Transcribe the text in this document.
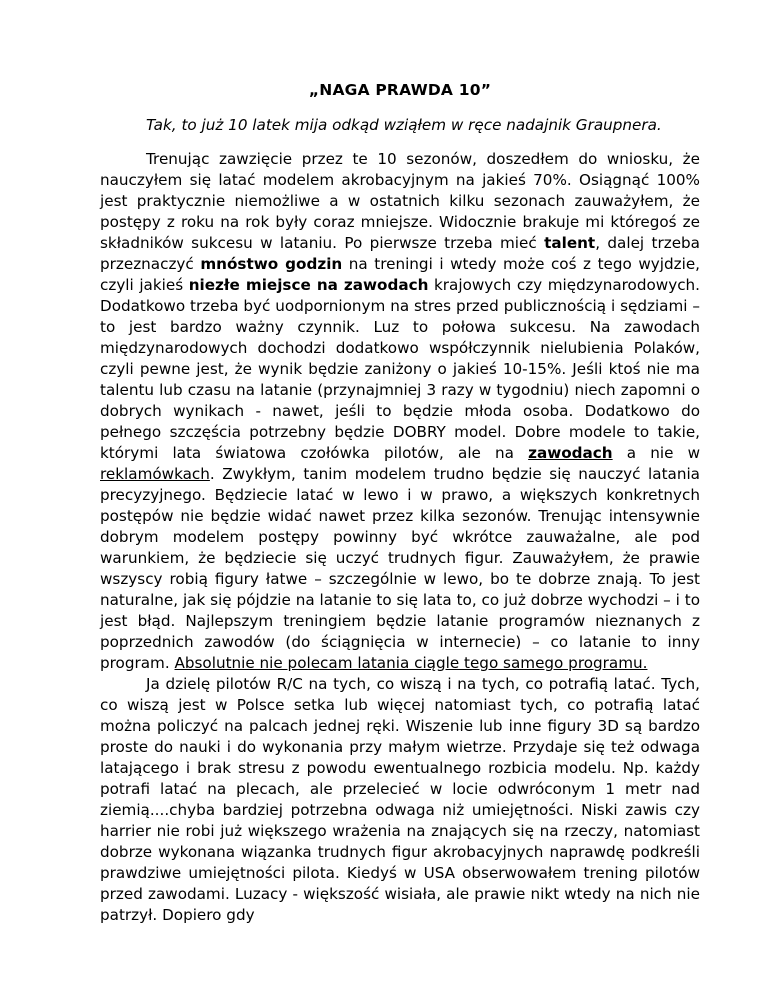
„NAGA PRAWDA 10”
Tak, to już 10 latek mija odkąd wziąłem w ręce nadajnik Graupnera.

Trenując zawzięcie przez te 10 sezonów, doszedłem do wniosku, że nauczyłem się latać modelem akrobacyjnym na jakieś 70%. Osiągnąć 100% jest praktycznie niemożliwe a w ostatnich kilku sezonach zauważyłem, że postępy z roku na rok były coraz mniejsze. Widocznie brakuje mi któregoś ze składników sukcesu w lataniu. Po pierwsze trzeba mieć talent, dalej trzeba przeznaczyć mnóstwo godzin na treningi i wtedy może coś z tego wyjdzie, czyli jakieś niezłe miejsce na zawodach krajowych czy międzynarodowych. Dodatkowo trzeba być uodpornionym na stres przed publicznością i sędziami – to jest bardzo ważny czynnik. Luz to połowa sukcesu. Na zawodach międzynarodowych dochodzi dodatkowo współczynnik nielubienia Polaków, czyli pewne jest, że wynik będzie zaniżony o jakieś 10-15%. Jeśli ktoś nie ma talentu lub czasu na latanie (przynajmniej 3 razy w tygodniu) niech zapomni o dobrych wynikach - nawet, jeśli to będzie młoda osoba. Dodatkowo do pełnego szczęścia potrzebny będzie DOBRY model. Dobre modele to takie, którymi lata światowa czołówka pilotów, ale na zawodach a nie w reklamówkach. Zwykłym, tanim modelem trudno będzie się nauczyć latania precyzyjnego. Będziecie latać w lewo i w prawo, a większych konkretnych postępów nie będzie widać nawet przez kilka sezonów. Trenując intensywnie dobrym modelem postępy powinny być wkrótce zauważalne, ale pod warunkiem, że będziecie się uczyć trudnych figur. Zauważyłem, że prawie wszyscy robią figury łatwe – szczególnie w lewo, bo te dobrze znają. To jest naturalne, jak się pójdzie na latanie to się lata to, co już dobrze wychodzi – i to jest błąd. Najlepszym treningiem będzie latanie programów nieznanych z poprzednich zawodów (do ściągnięcia w internecie) – co latanie to inny program. Absolutnie nie polecam latania ciągle tego samego programu.

Ja dzielę pilotów R/C na tych, co wiszą i na tych, co potrafią latać. Tych, co wiszą jest w Polsce setka lub więcej natomiast tych, co potrafią latać można policzyć na palcach jednej ręki. Wiszenie lub inne figury 3D są bardzo proste do nauki i do wykonania przy małym wietrze. Przydaje się też odwaga latającego i brak stresu z powodu ewentualnego rozbicia modelu. Np. każdy potrafi latać na plecach, ale przelecieć w locie odwróconym 1 metr nad ziemią....chyba bardziej potrzebna odwaga niż umiejętności. Niski zawis czy harrier nie robi już większego wrażenia na znających się na rzeczy, natomiast dobrze wykonana wiązanka trudnych figur akrobacyjnych naprawdę podkreśli prawdziwe umiejętności pilota. Kiedyś w USA obserwowałem trening pilotów przed zawodami. Luzacy - większość wisiała, ale prawie nikt wtedy na nich nie patrzył. Dopiero gdy
